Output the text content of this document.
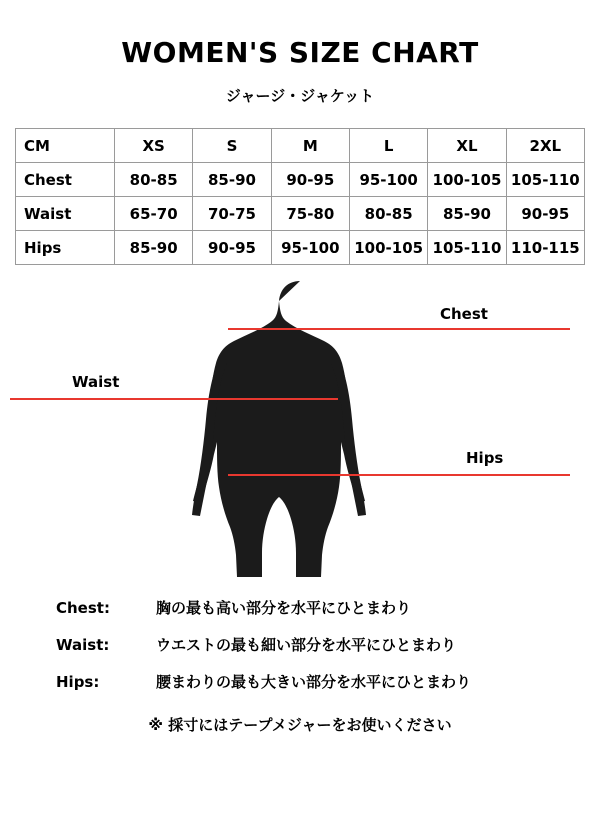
WOMEN'S SIZE CHART
ジャージ・ジャケット
CM	XS	S	M	L	XL	2XL
Chest	80-85	85-90	90-95	95-100	100-105	105-110
Waist	65-70	70-75	75-80	80-85	85-90	90-95
Hips	85-90	90-95	95-100	100-105	105-110	110-115
Chest
Waist
Hips
Chest:	胸の最も高い部分を水平にひとまわり
Waist:	ウエストの最も細い部分を水平にひとまわり
Hips:	腰まわりの最も大きい部分を水平にひとまわり
※ 採寸にはテープメジャーをお使いください
